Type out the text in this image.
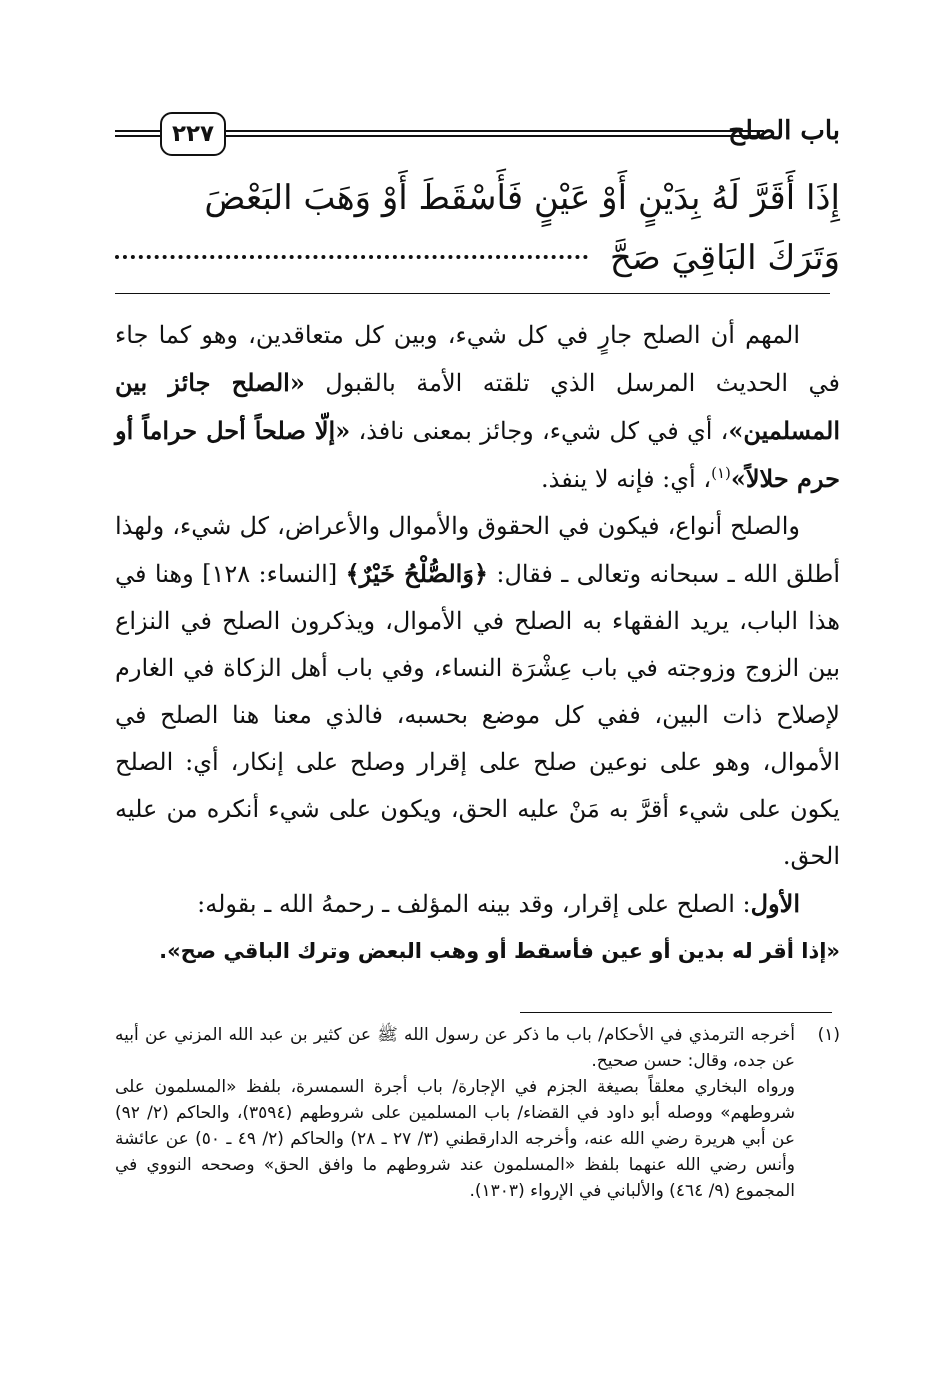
٢٢٧	باب الصلح
إِذَا أَقَرَّ لَهُ بِدَيْنٍ أَوْ عَيْنٍ فَأَسْقَطَ أَوْ وَهَبَ البَعْضَ
وَتَرَكَ البَاقِيَ صَحَّ

المهم أن الصلح جارٍ في كل شيء، وبين كل متعاقدين، وهو كما جاء في الحديث المرسل الذي تلقته الأمة بالقبول «الصلح جائز بين المسلمين»، أي في كل شيء، وجائز بمعنى نافذ، «إلّا صلحاً أحل حراماً أو حرم حلالاً»$^{(١)}$، أي: فإنه لا ينفذ.

والصلح أنواع، فيكون في الحقوق والأموال والأعراض، كل شيء، ولهذا أطلق الله ـ سبحانه وتعالى ـ فقال: ﴿وَالصُّلْحُ خَيْرٌ﴾ [النساء: ١٢٨] وهنا في هذا الباب، يريد الفقهاء به الصلح في الأموال، ويذكرون الصلح في النزاع بين الزوج وزوجته في باب عِشْرَة النساء، وفي باب أهل الزكاة في الغارم لإصلاح ذات البين، ففي كل موضع بحسبه، فالذي معنا هنا الصلح في الأموال، وهو على نوعين صلح على إقرار وصلح على إنكار، أي: الصلح يكون على شيء أقرَّ به مَنْ عليه الحق، ويكون على شيء أنكره من عليه الحق.

الأول: الصلح على إقرار، وقد بينه المؤلف ـ رحمهُ الله ـ بقوله:

«إذا أقر له بدين أو عين فأسقط أو وهب البعض وترك الباقي صح».

(١)

أخرجه الترمذي في الأحكام/ باب ما ذكر عن رسول الله ﷺ عن كثير بن عبد الله المزني عن أبيه عن جده، وقال: حسن صحيح.

ورواه البخاري معلقاً بصيغة الجزم في الإجارة/ باب أجرة السمسرة، بلفظ «المسلمون على شروطهم» ووصله أبو داود في القضاء/ باب المسلمين على شروطهم (٣٥٩٤)، والحاكم (٢/ ٩٢) عن أبي هريرة رضي الله عنه، وأخرجه الدارقطني (٣/ ٢٧ ـ ٢٨) والحاكم (٢/ ٤٩ ـ ٥٠) عن عائشة وأنس رضي الله عنهما بلفظ «المسلمون عند شروطهم ما وافق الحق» وصححه النووي في المجموع (٩/ ٤٦٤) والألباني في الإرواء (١٣٠٣).
